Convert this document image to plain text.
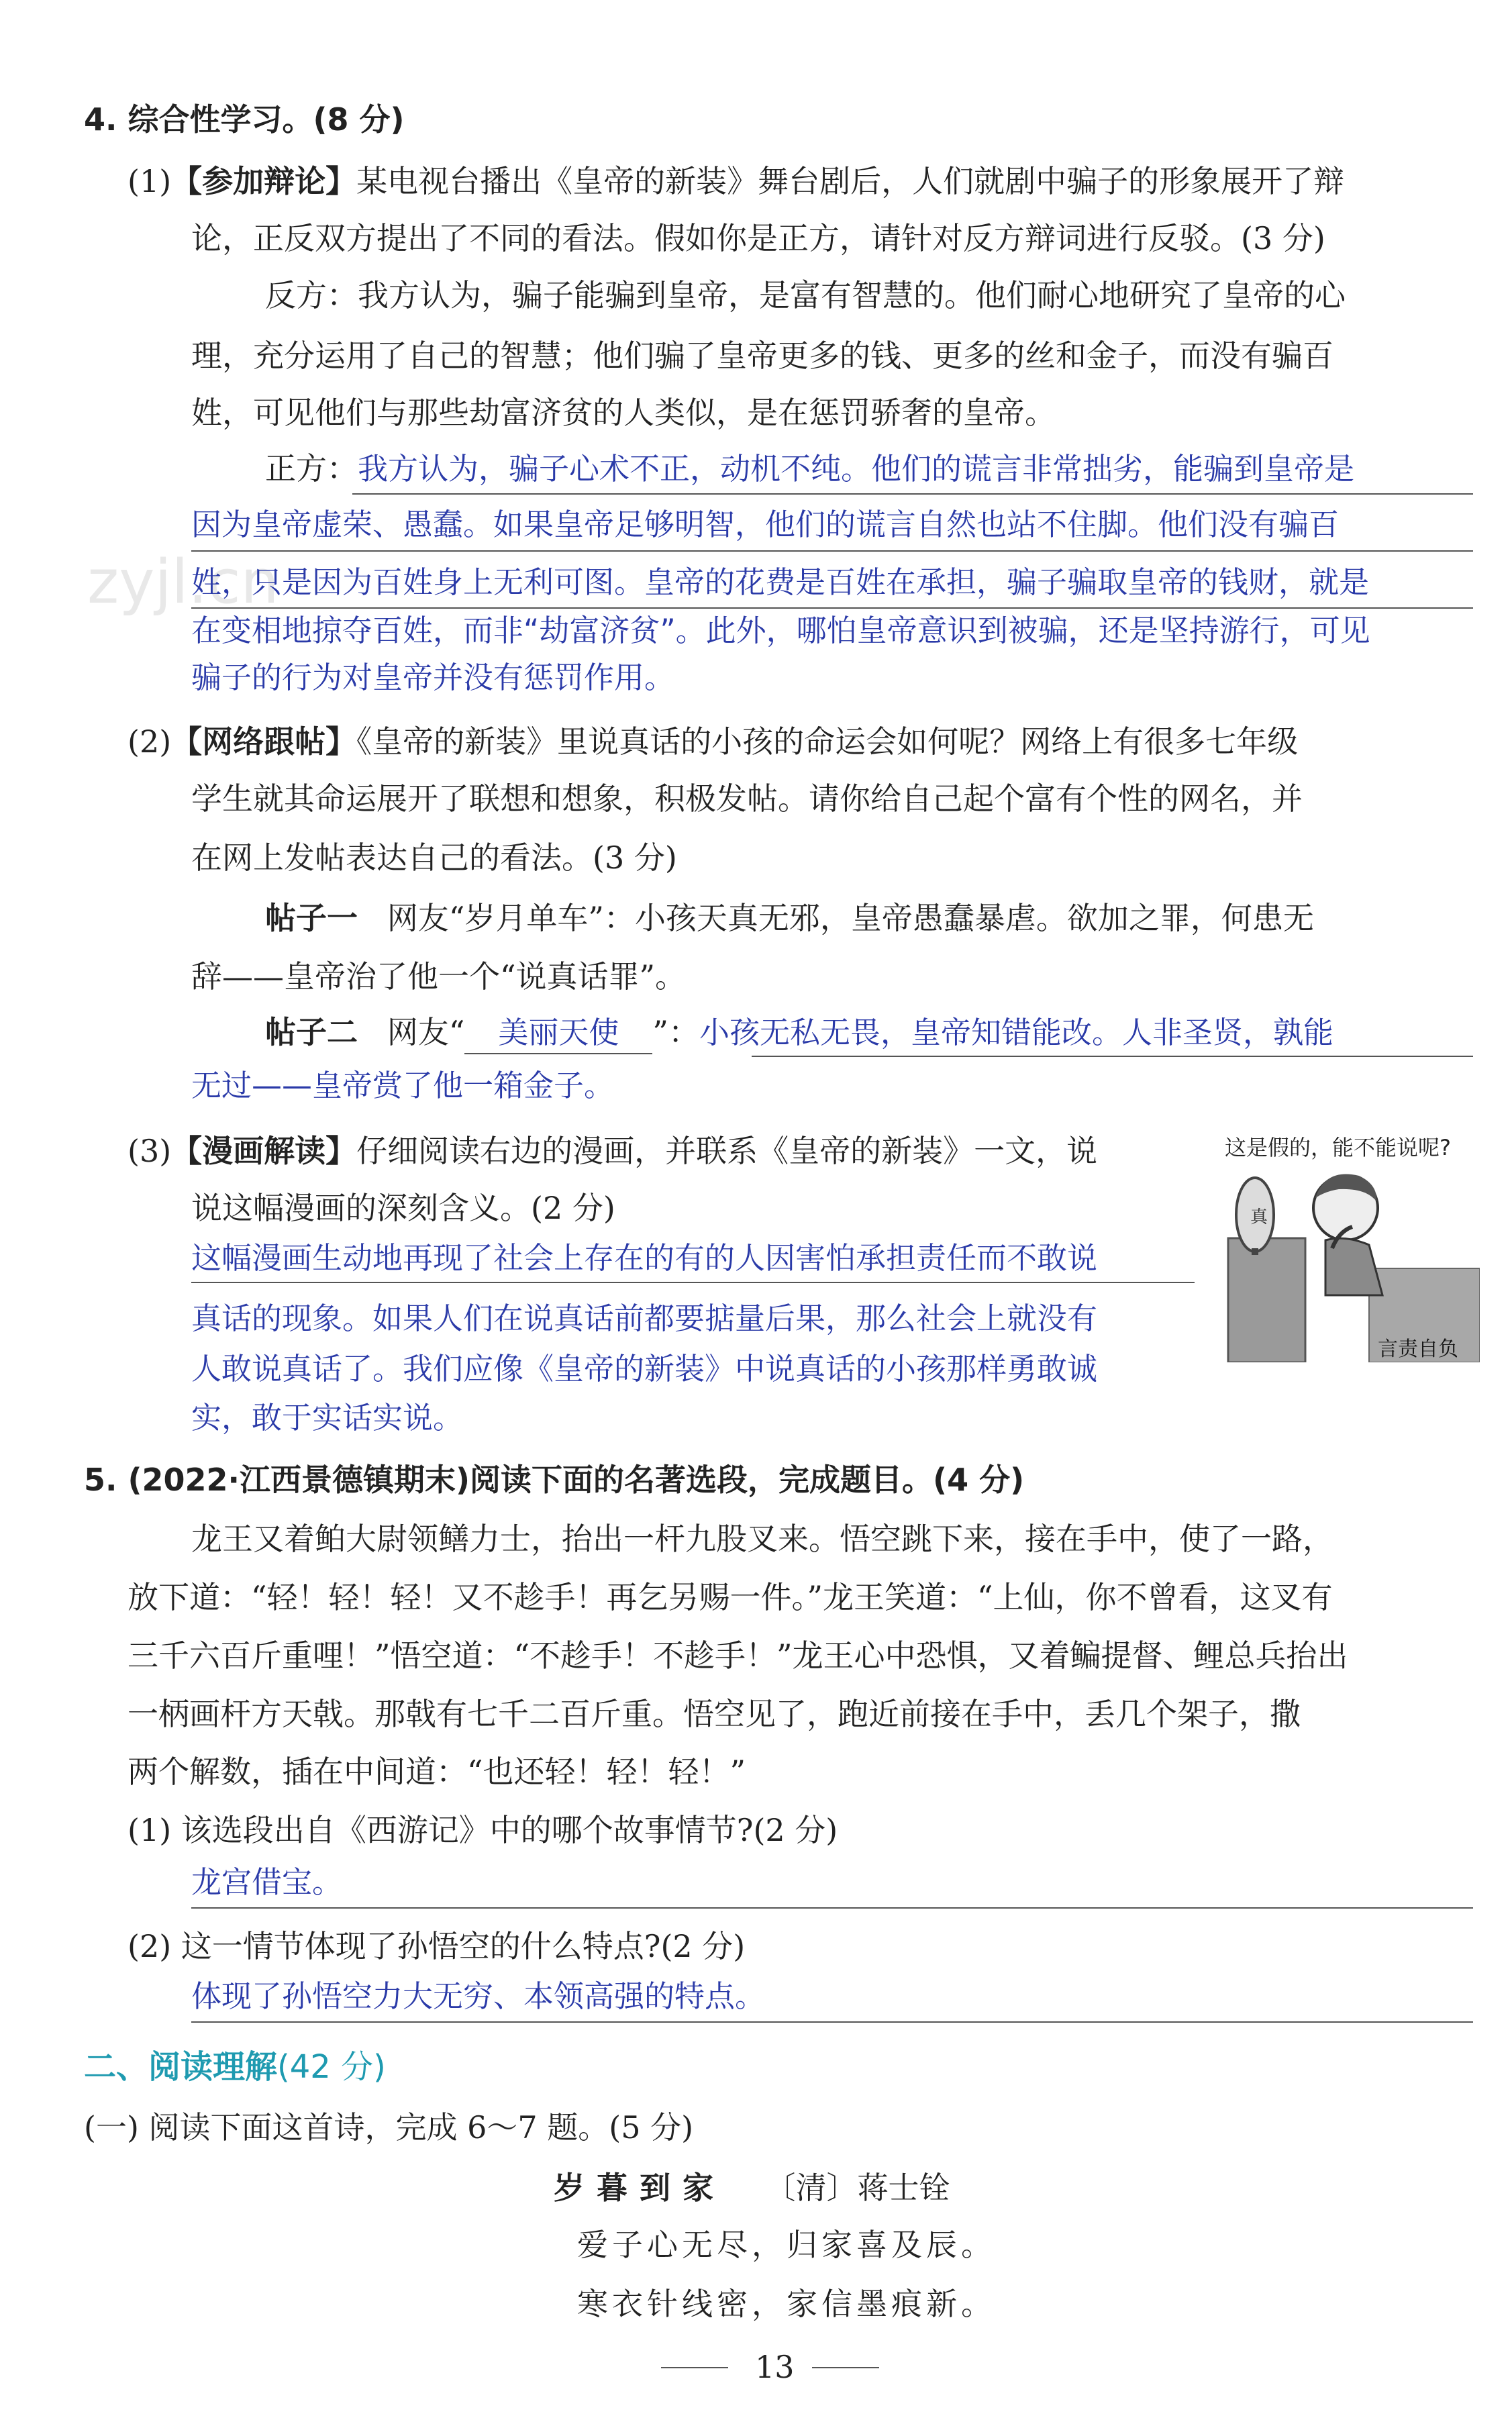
zyjl.cn
4. 综合性学习。(8 分)
(1)【参加辩论】某电视台播出《皇帝的新装》舞台剧后，人们就剧中骗子的形象展开了辩
论，正反双方提出了不同的看法。假如你是正方，请针对反方辩词进行反驳。(3 分)
反方：我方认为，骗子能骗到皇帝，是富有智慧的。他们耐心地研究了皇帝的心
理，充分运用了自己的智慧；他们骗了皇帝更多的钱、更多的丝和金子，而没有骗百
姓，可见他们与那些劫富济贫的人类似，是在惩罚骄奢的皇帝。
正方：我方认为，骗子心术不正，动机不纯。他们的谎言非常拙劣，能骗到皇帝是
因为皇帝虚荣、愚蠢。如果皇帝足够明智，他们的谎言自然也站不住脚。他们没有骗百
姓，只是因为百姓身上无利可图。皇帝的花费是百姓在承担，骗子骗取皇帝的钱财，就是
在变相地掠夺百姓，而非“劫富济贫”。此外，哪怕皇帝意识到被骗，还是坚持游行，可见
骗子的行为对皇帝并没有惩罚作用。
(2)【网络跟帖】《皇帝的新装》里说真话的小孩的命运会如何呢？网络上有很多七年级
学生就其命运展开了联想和想象，积极发帖。请你给自己起个富有个性的网名，并
在网上发帖表达自己的看法。(3 分)
帖子一 网友“岁月单车”：小孩天真无邪，皇帝愚蠢暴虐。欲加之罪，何患无
辞——皇帝治了他一个“说真话罪”。
帖子二 网友“ 美丽天使 ”：小孩无私无畏，皇帝知错能改。人非圣贤，孰能
无过——皇帝赏了他一箱金子。
(3)【漫画解读】仔细阅读右边的漫画，并联系《皇帝的新装》一文，说
说这幅漫画的深刻含义。(2 分)
这幅漫画生动地再现了社会上存在的有的人因害怕承担责任而不敢说
真话的现象。如果人们在说真话前都要掂量后果，那么社会上就没有
人敢说真话了。我们应像《皇帝的新装》中说真话的小孩那样勇敢诚
实，敢于实话实说。
这是假的，能不能说呢?
真
言责自负
5. (2022·江西景德镇期末)阅读下面的名著选段，完成题目。(4 分)
龙王又着鲌大尉领鳝力士，抬出一杆九股叉来。悟空跳下来，接在手中，使了一路，
放下道：“轻！轻！轻！又不趁手！再乞另赐一件。”龙王笑道：“上仙，你不曾看，这叉有
三千六百斤重哩！”悟空道：“不趁手！不趁手！”龙王心中恐惧，又着鳊提督、鲤总兵抬出
一柄画杆方天戟。那戟有七千二百斤重。悟空见了，跑近前接在手中，丢几个架子，撒
两个解数，插在中间道：“也还轻！轻！轻！”
(1) 该选段出自《西游记》中的哪个故事情节?(2 分)
龙宫借宝。
(2) 这一情节体现了孙悟空的什么特点?(2 分)
体现了孙悟空力大无穷、本领高强的特点。
二、阅读理解(42 分)
(一) 阅读下面这首诗，完成 6～7 题。(5 分)
岁暮到家 〔清〕蒋士铨
爱子心无尽，归家喜及辰。
寒衣针线密，家信墨痕新。
13
